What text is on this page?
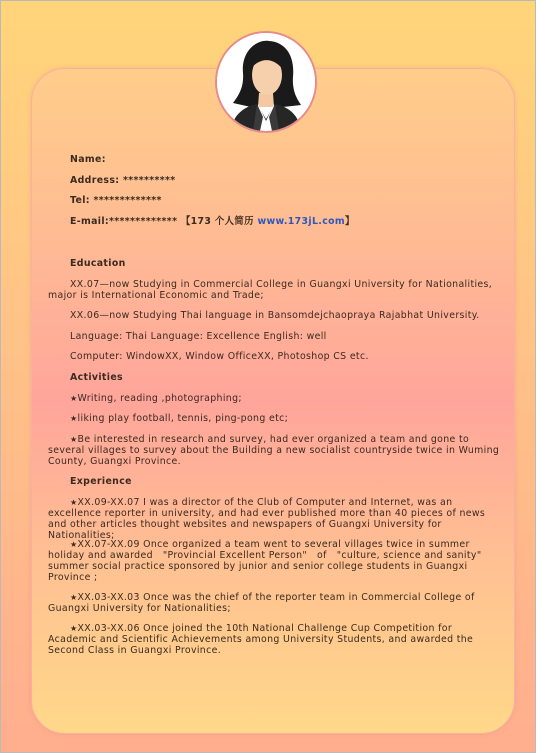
Name:
Address: **********
Tel: *************
E-mail:************* 【173 个人简历 www.173jL.com】
Education
XX.07—now Studying in Commercial College in Guangxi University for Nationalities, major is International Economic and Trade;
XX.06—now Studying Thai language in Bansomdejchaopraya Rajabhat University.
Language: Thai Language: Excellence English: well
Computer: WindowXX, Window OfficeXX, Photoshop CS etc.
Activities
★Writing, reading ,photographing;
★liking play football, tennis, ping-pong etc;
★Be interested in research and survey, had ever organized a team and gone to several villages to survey about the Building a new socialist countryside twice in Wuming County, Guangxi Province.
Experience
★XX.09-XX.07 I was a director of the Club of Computer and Internet, was an excellence reporter in university, and had ever published more than 40 pieces of news and other articles thought websites and newspapers of Guangxi University for Nationalities;
★XX.07-XX.09 Once organized a team went to several villages twice in summer holiday and awarded   "Provincial Excellent Person"   of   "culture, science and sanity" summer social practice sponsored by junior and senior college students in Guangxi Province ;
★XX.03-XX.03 Once was the chief of the reporter team in Commercial College of Guangxi University for Nationalities;
★XX.03-XX.06 Once joined the 10th National Challenge Cup Competition for Academic and Scientific Achievements among University Students, and awarded the Second Class in Guangxi Province.
